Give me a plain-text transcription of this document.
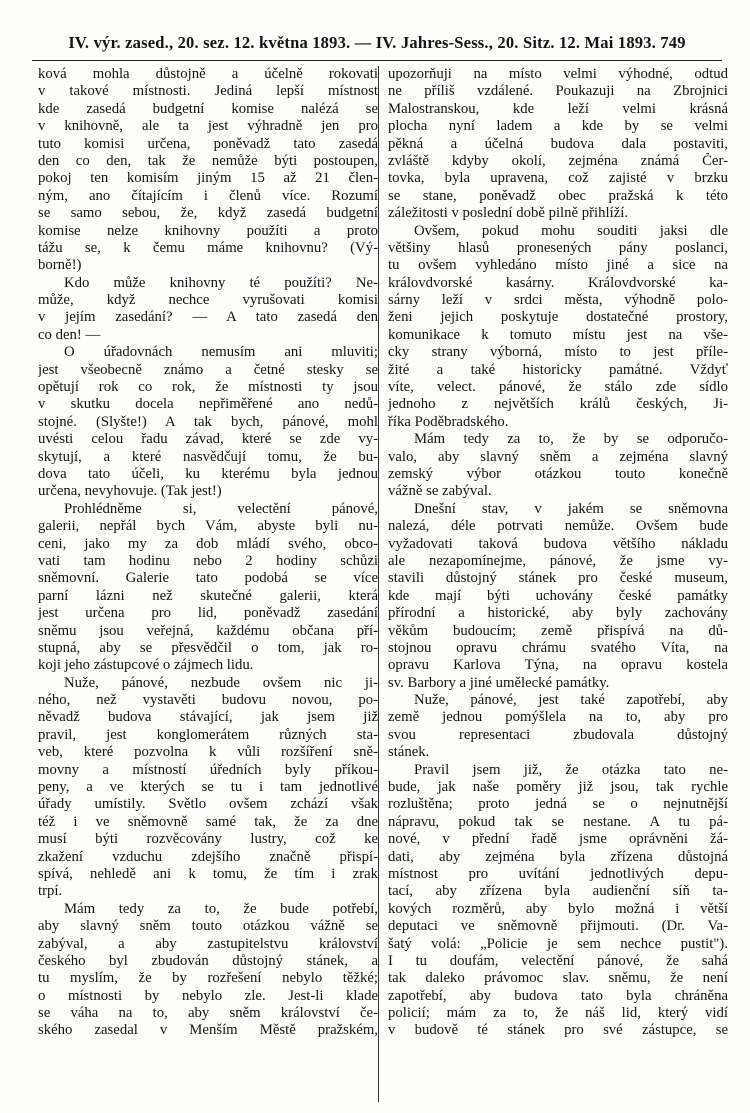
IV. výr. zased., 20. sez. 12. května 1893. — IV. Jahres-Sess., 20. Sitz. 12. Mai 1893. 749
ková mohla důstojně a účelně rokovati
v takové místnosti. Jediná lepší místnost
kde zasedá budgetní komise nalézá se
v knihovně, ale ta jest výhradně jen pro
tuto komisi určena, poněvadž tato zasedá
den co den, tak že nemůže býti postoupen,
pokoj ten komisím jiným 15 až 21 člen-
ným, ano čítajícím i členů více. Rozumí
se samo sebou, že, když zasedá budgetní
komise nelze knihovny použíti a proto
tážu se, k čemu máme knihovnu? (Vý-
borně!)
Kdo může knihovny té použíti? Ne-
může, když nechce vyrušovati komisi
v jejím zasedání? — A tato zasedá den
co den! —
O úřadovnách nemusím ani mluviti;
jest všeobecně známo a četné stesky se
opětují rok co rok, že místnosti ty jsou
v skutku docela nepřiměřené ano nedů-
stojné. (Slyšte!) A tak bych, pánové, mohl
uvésti celou řadu závad, které se zde vy-
skytují, a které nasvědčují tomu, že bu-
dova tato účeli, ku kterému byla jednou
určena, nevyhovuje. (Tak jest!)
Prohlédněme si, velectění pánové,
galerii, nepřál bych Vám, abyste byli nu-
ceni, jako my za dob mládí svého, obco-
vati tam hodinu nebo 2 hodiny schůzi
sněmovní. Galerie tato podobá se více
parní lázni než skutečné galerii, která
jest určena pro lid, poněvadž zasedání
sněmu jsou veřejná, každému občana pří-
stupná, aby se přesvědčil o tom, jak ro-
koji jeho zástupcové o zájmech lidu.
Nuže, pánové, nezbude ovšem nic ji-
ného, než vystavěti budovu novou, po-
něvadž budova stávající, jak jsem již
pravil, jest konglomerátem různých sta-
veb, které pozvolna k vůli rozšíření sně-
movny a místností úředních byly příkou-
peny, a ve kterých se tu i tam jednotlivé
úřady umístily. Světlo ovšem zchází však
též i ve sněmovně samé tak, že za dne
musí býti rozvěcovány lustry, což ke
zkažení vzduchu zdejšího značně přispí-
spívá, nehledě ani k tomu, že tím i zrak
trpí.
Mám tedy za to, že bude potřebí,
aby slavný sněm touto otázkou vážně se
zabýval, a aby zastupitelstvu království
českého byl zbudován důstojný stánek, a
tu myslím, že by rozřešení nebylo těžké;
o místnosti by nebylo zle. Jest-li klade
se váha na to, aby sněm království če-
ského zasedal v Menším Městě pražském,
upozorňuji na místo velmi výhodné, odtud
ne příliš vzdálené. Poukazuji na Zbrojnici
Malostranskou, kde leží velmi krásná
plocha nyní ladem a kde by se velmi
pěkná a účelná budova dala postaviti,
zvláště kdyby okolí, zejména známá Čer-
tovka, byla upravena, což zajisté v brzku
se stane, poněvadž obec pražská k této
záležitosti v poslední době pilně přihlíží.
Ovšem, pokud mohu souditi jaksi dle
většiny hlasů pronesených pány poslanci,
tu ovšem vyhledáno místo jiné a sice na
královdvorské kasárny. Královdvorské ka-
sárny leží v srdci města, výhodně polo-
ženi jejich poskytuje dostatečné prostory,
komunikace k tomuto místu jest na vše-
cky strany výborná, místo to jest příle-
žité a také historicky památné. Vždyť
víte, velect. pánové, že stálo zde sídlo
jednoho z největších králů českých, Ji-
říka Poděbradského.
Mám tedy za to, že by se odporučo-
valo, aby slavný sněm a zejména slavný
zemský výbor otázkou touto konečně
vážně se zabýval.
Dnešní stav, v jakém se sněmovna
nalezá, déle potrvati nemůže. Ovšem bude
vyžadovati taková budova většího nákladu
ale nezapomínejme, pánové, že jsme vy-
stavili důstojný stánek pro české museum,
kde mají býti uchovány české památky
přírodní a historické, aby byly zachovány
věkům budoucím; země přispívá na dů-
stojnou opravu chrámu svatého Víta, na
opravu Karlova Týna, na opravu kostela
sv. Barbory a jiné umělecké památky.
Nuže, pánové, jest také zapotřebí, aby
země jednou pomýšlela na to, aby pro
svou representaci zbudovala důstojný
stánek.
Pravil jsem již, že otázka tato ne-
bude, jak naše poměry již jsou, tak rychle
rozluštěna; proto jedná se o nejnutnější
nápravu, pokud tak se nestane. A tu pá-
nové, v přední řadě jsme oprávněni žá-
dati, aby zejména byla zřízena důstojná
místnost pro uvítání jednotlivých depu-
tací, aby zřízena byla audienční síň ta-
kových rozměrů, aby bylo možná i větší
deputaci ve sněmovně přijmouti. (Dr. Va-
šatý volá: „Policie je sem nechce pustit").
I tu doufám, velectění pánové, že sahá
tak daleko právomoc slav. sněmu, že není
zapotřebí, aby budova tato byla chráněna
policií; mám za to, že náš lid, který vidí
v budově té stánek pro své zástupce, se
